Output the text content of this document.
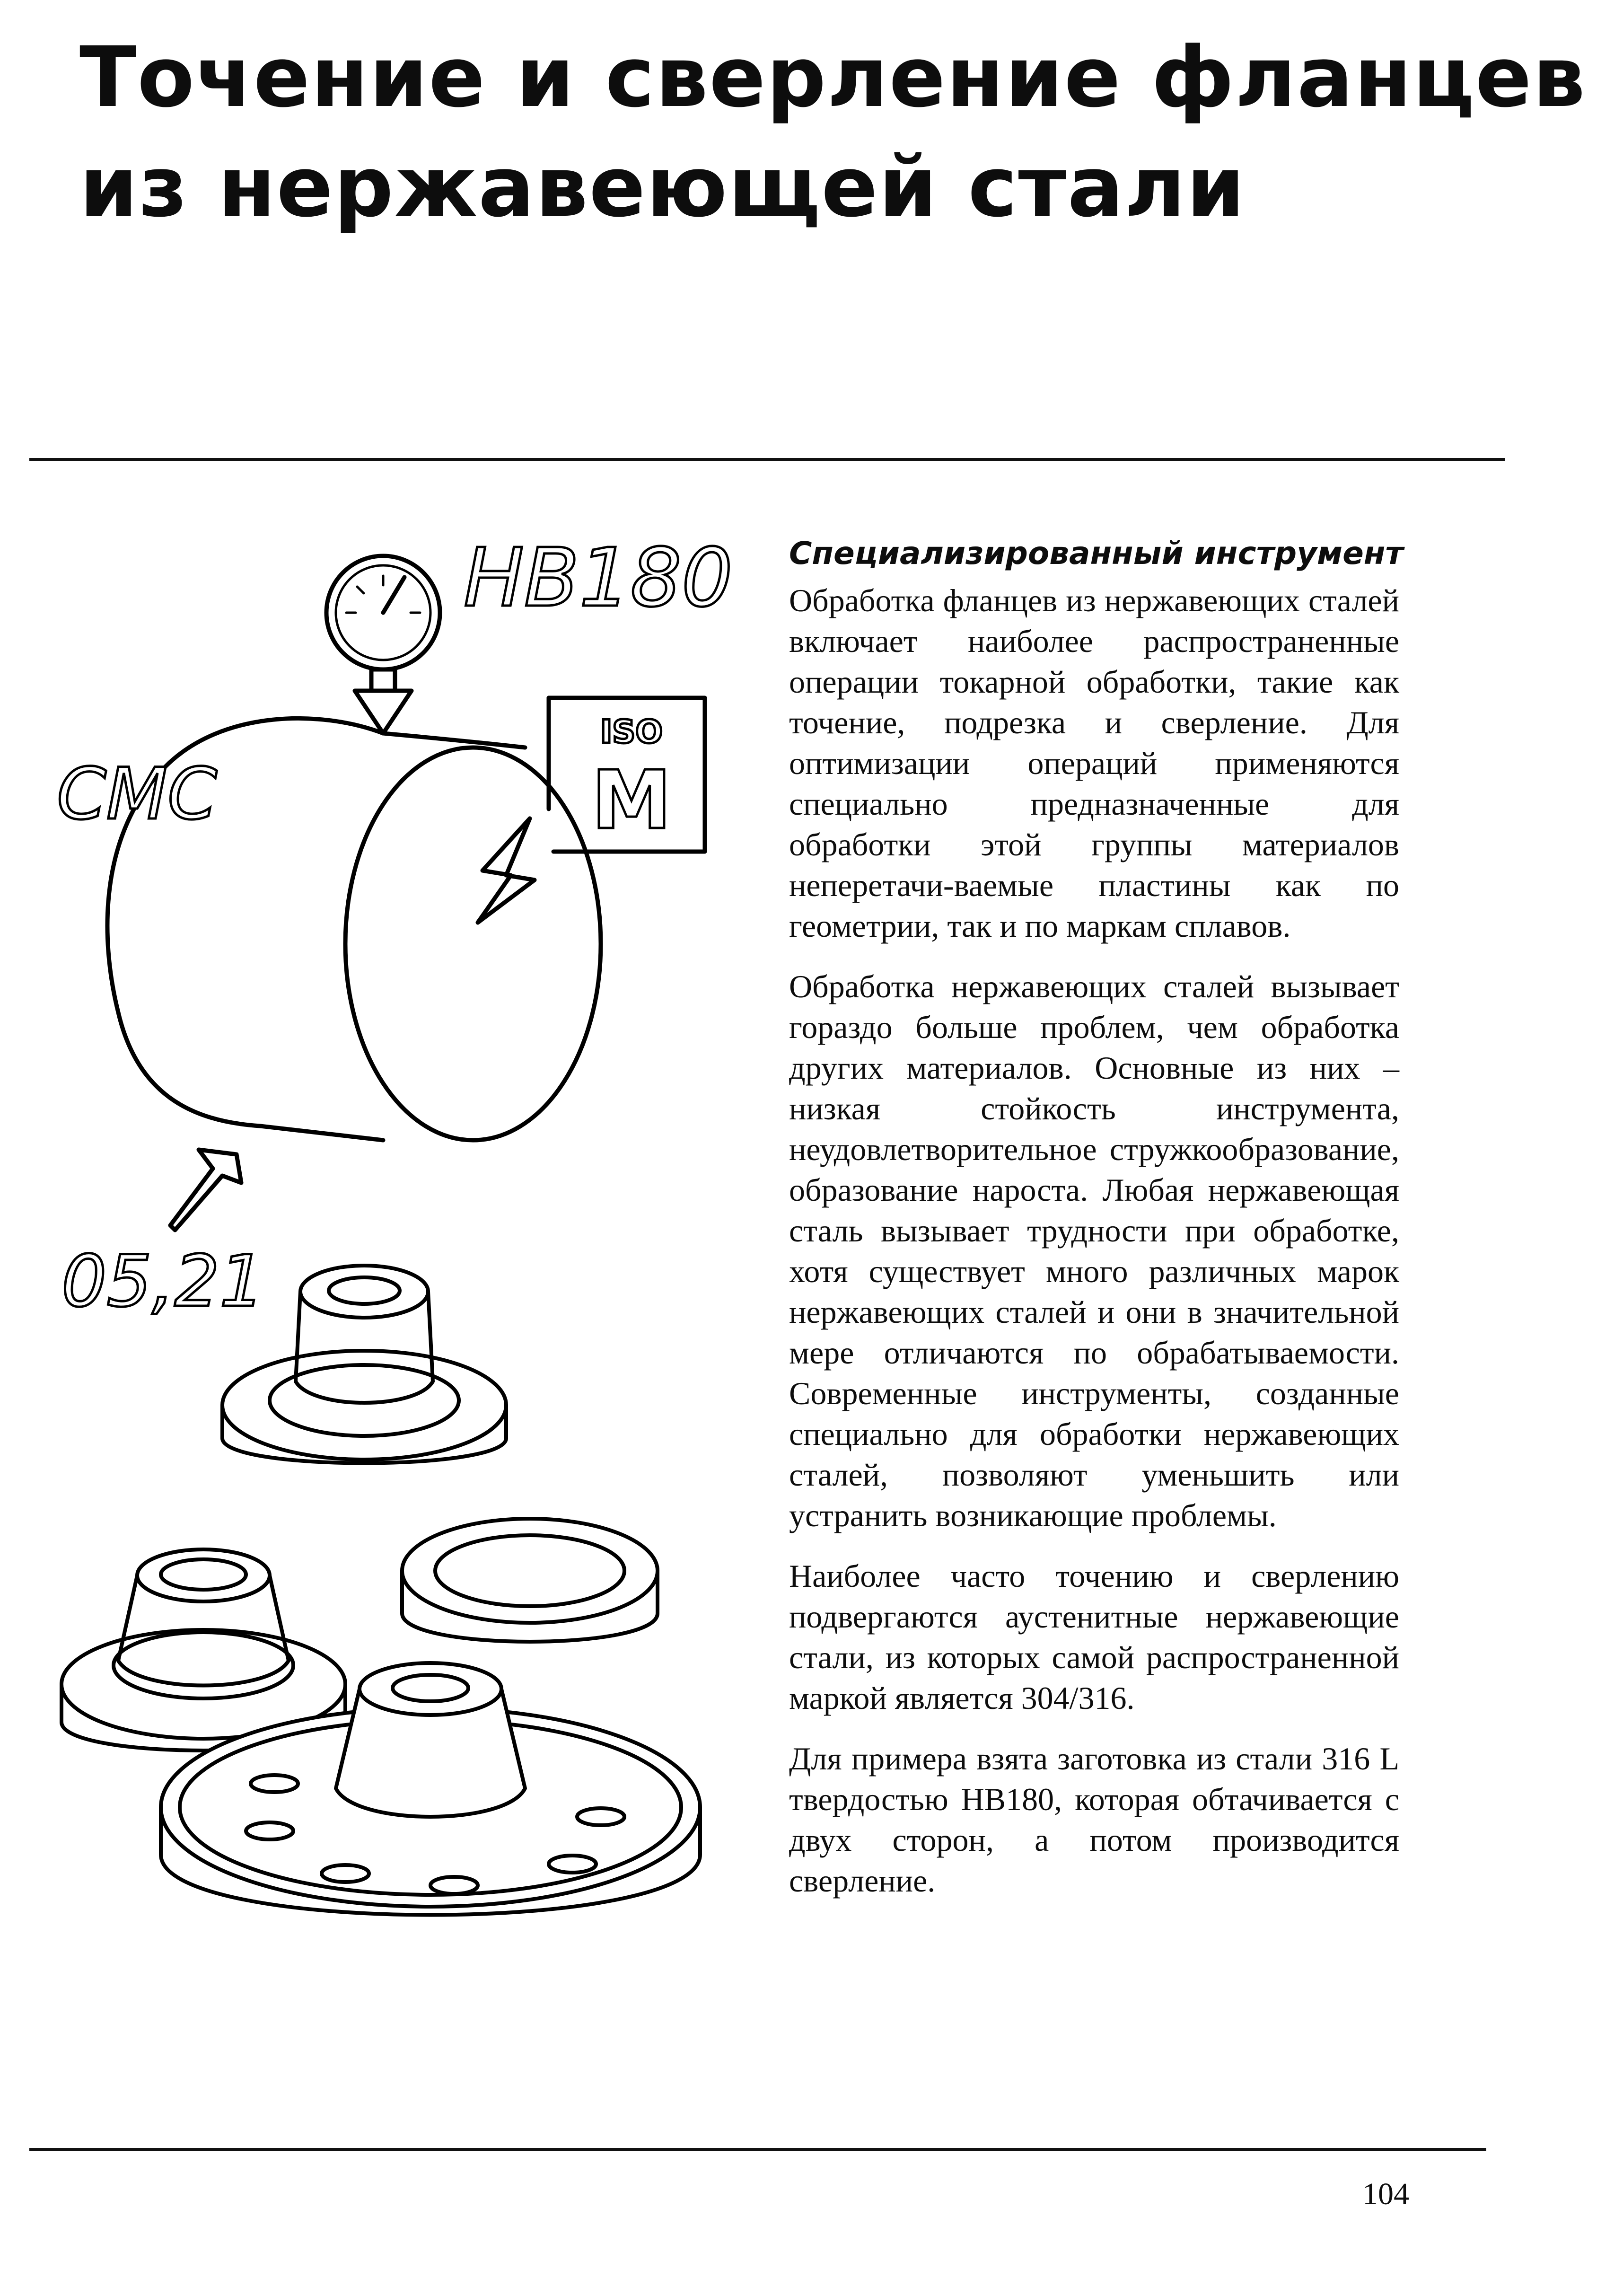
Точение и сверление фланцев
из нержавеющей стали
HB180
CMC
05,21
ISO
M
Специализированный инструмент

Обработка фланцев из нержавеющих сталей включает наиболее распространенные операции токарной обработки, такие как точение, подрезка и сверление. Для оптимизации операций применяются специально предназначенные для обработки этой группы материалов неперетачи-ваемые пластины как по геометрии, так и по маркам сплавов.

Обработка нержавеющих сталей вызывает гораздо больше проблем, чем обработка других материалов. Основные из них – низкая стойкость инструмента, неудовлетворительное стружкообразование, образование нароста. Любая нержавеющая сталь вызывает трудности при обработке, хотя существует много различных марок нержавеющих сталей и они в значительной мере отличаются по обрабатываемости. Современные инструменты, созданные специально для обработки нержавеющих сталей, позволяют уменьшить или устранить возникающие проблемы.

Наиболее часто точению и сверлению подвергаются аустенитные нержавеющие стали, из которых самой распространенной маркой является 304/316.

Для примера взята заготовка из стали 316 L твердостью HB180, которая обтачивается с двух сторон, а потом производится сверление.

104
